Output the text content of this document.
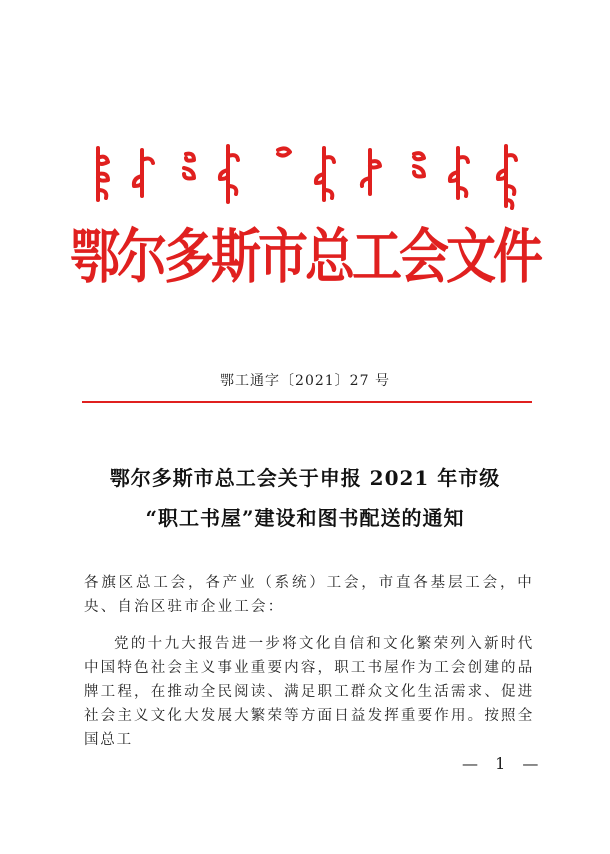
鄂尔多斯市总工会文件
鄂工通字〔2021〕27 号
鄂尔多斯市总工会关于申报 2021 年市级
“职工书屋”建设和图书配送的通知
各旗区总工会，各产业（系统）工会，市直各基层工会，中央、自治区驻市企业工会：
党的十九大报告进一步将文化自信和文化繁荣列入新时代中国特色社会主义事业重要内容，职工书屋作为工会创建的品牌工程，在推动全民阅读、满足职工群众文化生活需求、促进社会主义文化大发展大繁荣等方面日益发挥重要作用。按照全国总工
— 1 —
